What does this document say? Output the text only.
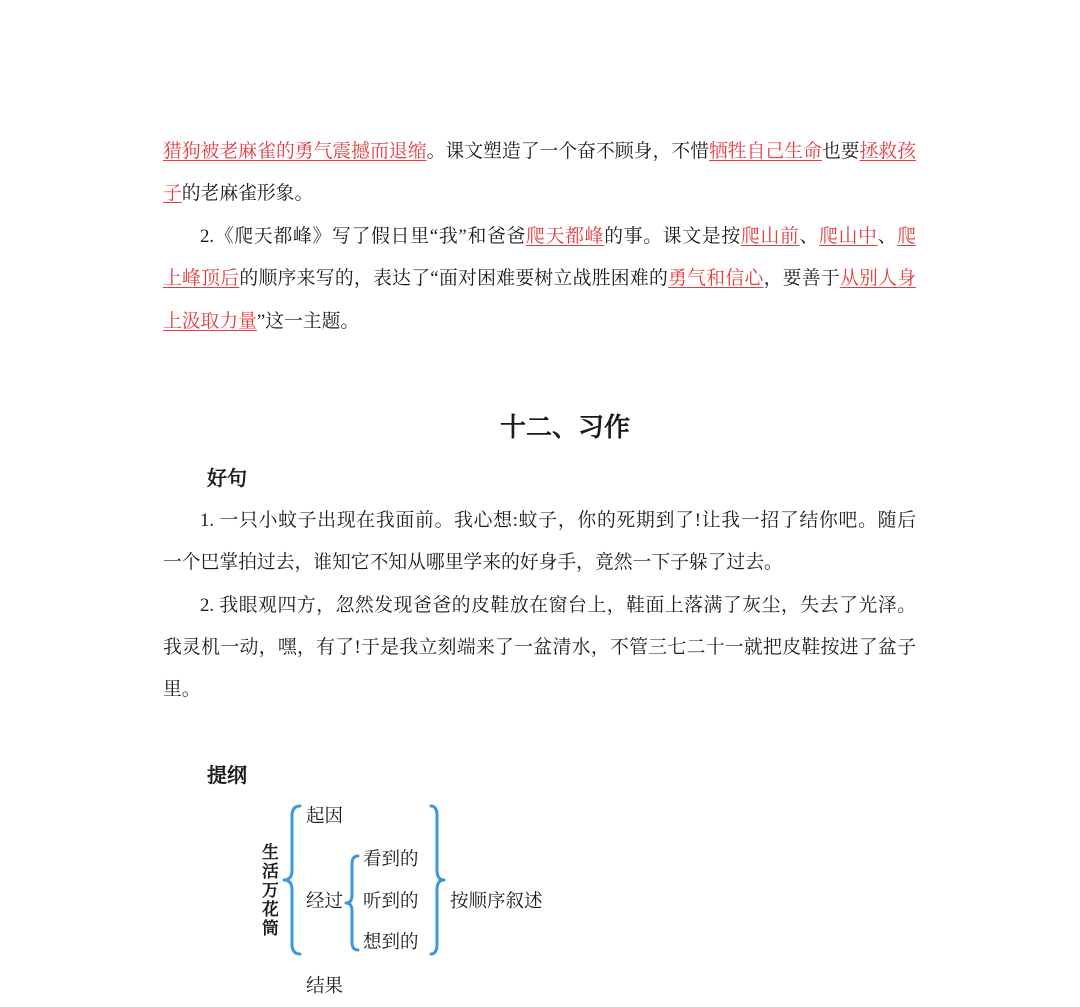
猎狗被老麻雀的勇气震撼而退缩。课文塑造了一个奋不顾身，不惜牺牲自己生命也要拯救孩
子的老麻雀形象。
2.《爬天都峰》写了假日里“我”和爸爸爬天都峰的事。课文是按爬山前、爬山中、爬
上峰顶后的顺序来写的，表达了“面对困难要树立战胜困难的勇气和信心，要善于从别人身
上汲取力量”这一主题。
十二、习作
好句
1. 一只小蚊子出现在我面前。我心想:蚊子，你的死期到了!让我一招了结你吧。随后
一个巴掌拍过去，谁知它不知从哪里学来的好身手，竟然一下子躲了过去。
2. 我眼观四方，忽然发现爸爸的皮鞋放在窗台上，鞋面上落满了灰尘，失去了光泽。
我灵机一动，嘿，有了!于是我立刻端来了一盆清水，不管三七二十一就把皮鞋按进了盆子
里。
提纲
生活万花筒
起因
经过
结果
看到的
听到的
想到的
按顺序叙述
